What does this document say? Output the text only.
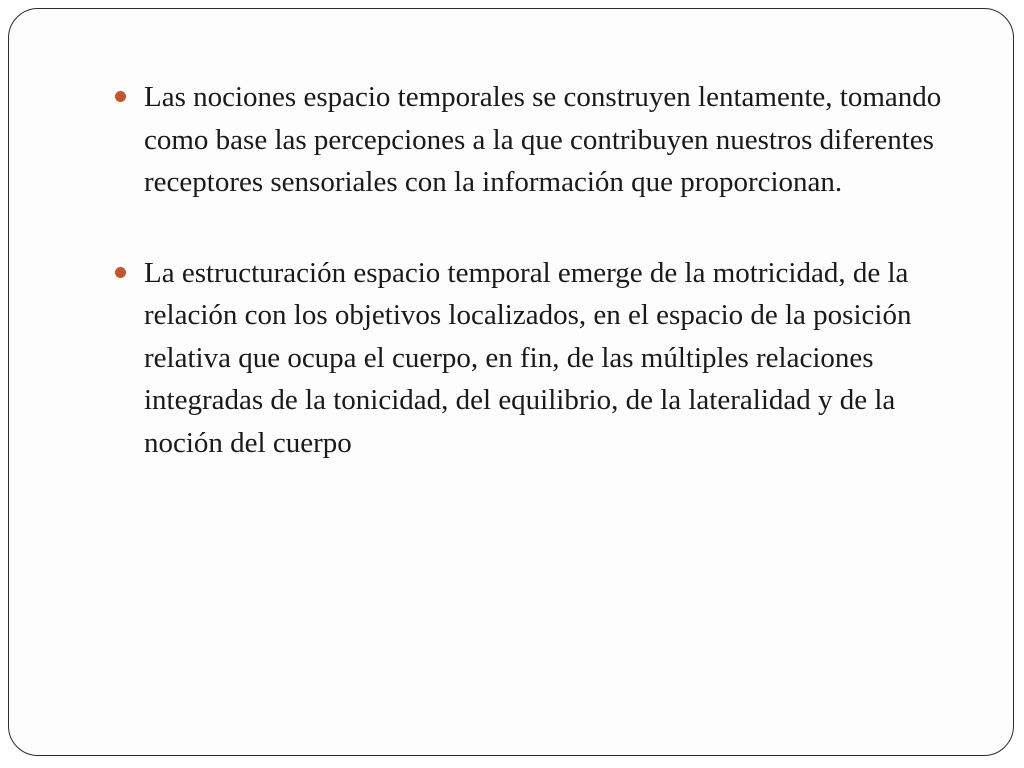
Las nociones espacio temporales se construyen lentamente, tomando como base las percepciones a la que contribuyen nuestros diferentes receptores sensoriales con la información que proporcionan.
La estructuración espacio temporal emerge de la motricidad, de la relación con los objetivos localizados, en el espacio de la posición relativa que ocupa el cuerpo, en fin, de las múltiples relaciones integradas de la tonicidad, del equilibrio, de la lateralidad y de la noción del cuerpo
